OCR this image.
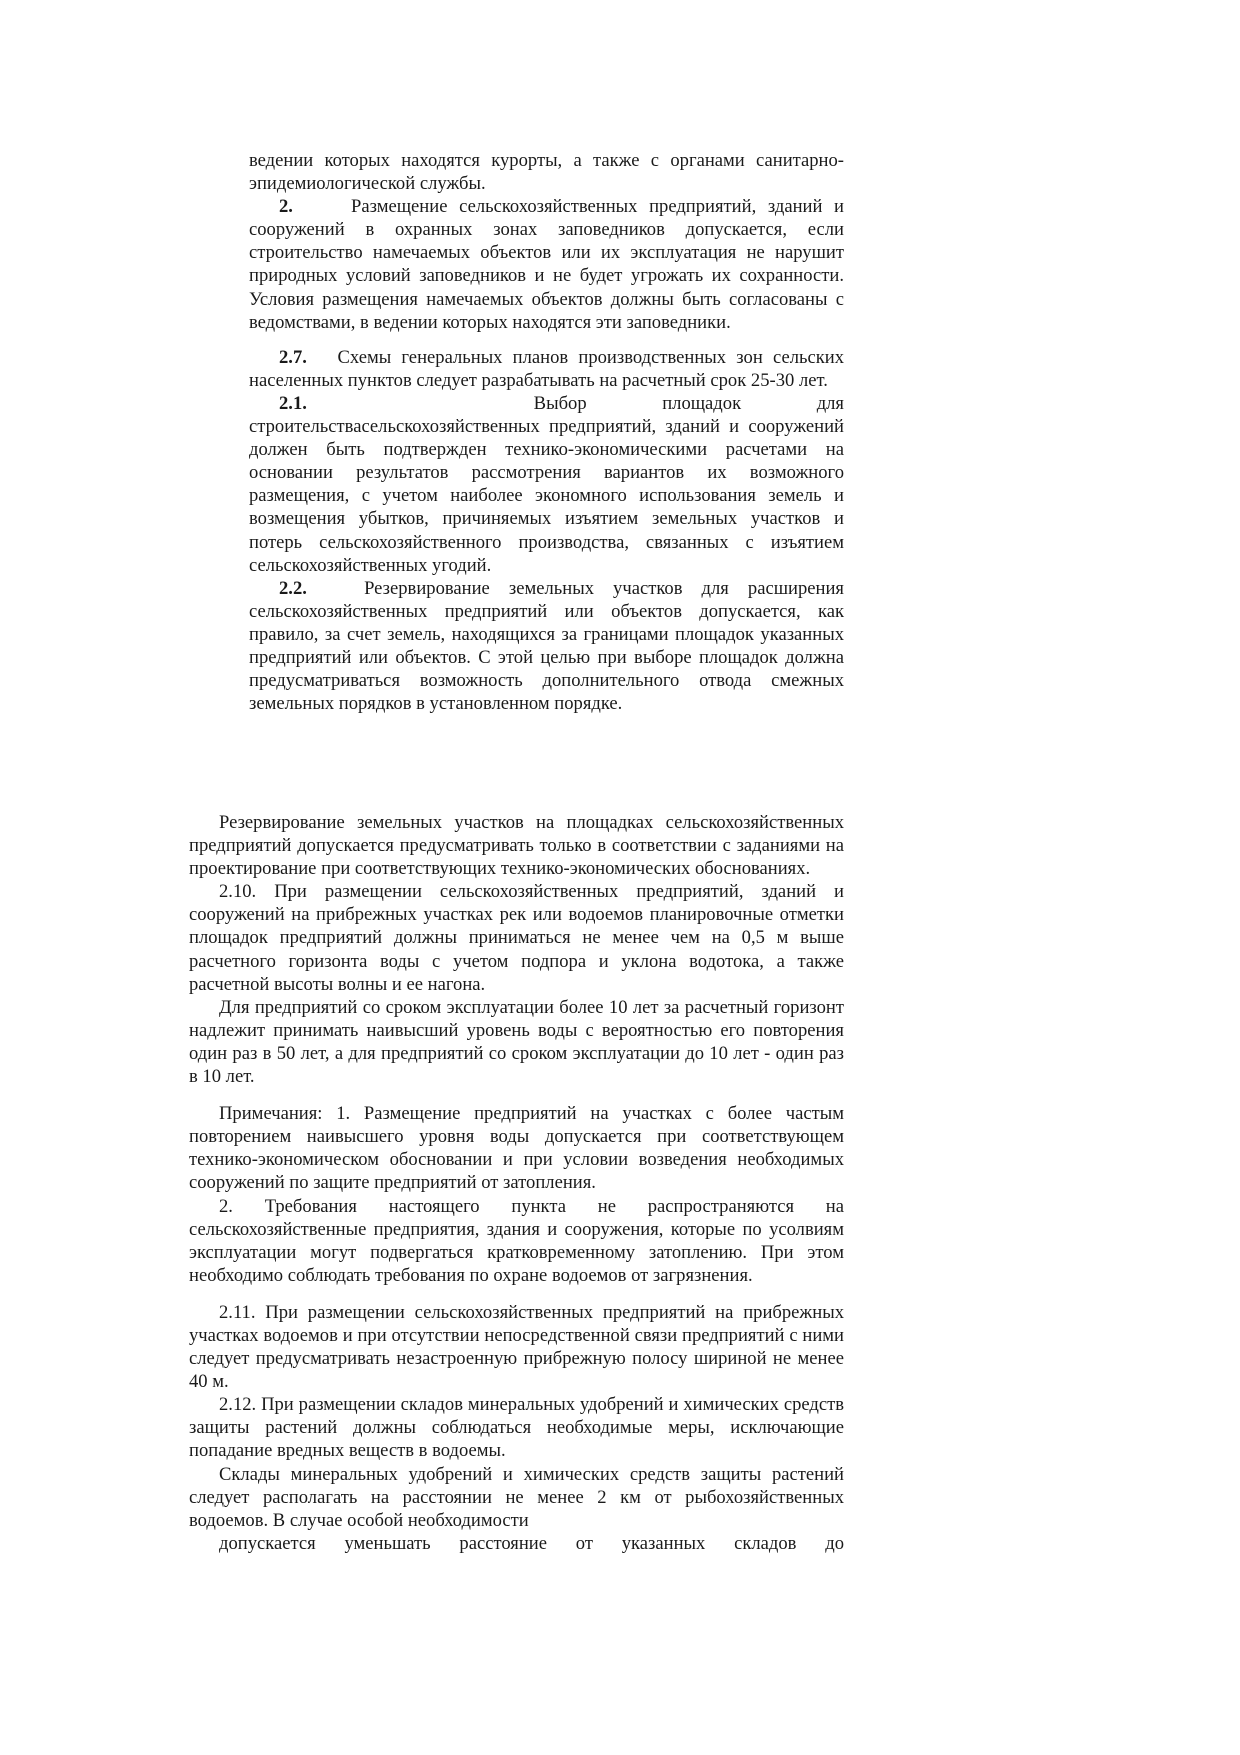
ведении которых находятся курорты, а также с органами санитарно-эпидемиологической службы.

2.	Размещение сельскохозяйственных предприятий, зданий и сооружений в охранных зонах заповедников допускается, если строительство намечаемых объектов или их эксплуатация не нарушит природных условий заповедников и не будет угрожать их сохранности. Условия размещения намечаемых объектов должны быть согласованы с ведомствами, в ведении которых находятся эти заповедники.

2.7. Схемы генеральных планов производственных зон сельских населенных пунктов следует разрабатывать на расчетный срок 25-30 лет.

2.1.	Выбор площадок для
строительствасельскохозяйственных предприятий, зданий и сооружений должен быть подтвержден технико-экономическими расчетами на основании результатов рассмотрения вариантов их возможного размещения, с учетом наиболее экономного использования земель и возмещения убытков, причиняемых изъятием земельных участков и потерь сельскохозяйственного производства, связанных с изъятием сельскохозяйственных угодий.

2.2.	Резервирование земельных участков для расширения сельскохозяйственных предприятий или объектов допускается, как правило, за счет земель, находящихся за границами площадок указанных предприятий или объектов. С этой целью при выборе площадок должна предусматриваться возможность дополнительного отвода смежных земельных порядков в установленном порядке.

Резервирование земельных участков на площадках сельскохозяйственных предприятий допускается предусматривать только в соответствии с заданиями на проектирование при соответствующих технико-экономических обоснованиях.

2.10. При размещении сельскохозяйственных предприятий, зданий и сооружений на прибрежных участках рек или водоемов планировочные отметки площадок предприятий должны приниматься не менее чем на 0,5 м выше расчетного горизонта воды с учетом подпора и уклона водотока, а также расчетной высоты волны и ее нагона.

Для предприятий со сроком эксплуатации более 10 лет за расчетный горизонт надлежит принимать наивысший уровень воды с вероятностью его повторения один раз в 50 лет, а для предприятий со сроком эксплуатации до 10 лет - один раз в 10 лет.

Примечания: 1. Размещение предприятий на участках с более частым повторением наивысшего уровня воды допускается при соответствующем технико-экономическом обосновании и при условии возведения необходимых сооружений по защите предприятий от затопления.

2. Требования настоящего пункта не распространяются на сельскохозяйственные предприятия, здания и сооружения, которые по усолвиям эксплуатации могут подвергаться кратковременному затоплению. При этом необходимо соблюдать требования по охране водоемов от загрязнения.

2.11. При размещении сельскохозяйственных предприятий на прибрежных участках водоемов и при отсутствии непосредственной связи предприятий с ними следует предусматривать незастроенную прибрежную полосу шириной не менее 40 м.

2.12. При размещении складов минеральных удобрений и химических средств защиты растений должны соблюдаться необходимые меры, исключающие попадание вредных веществ в водоемы.

Склады минеральных удобрений и химических средств защиты растений следует располагать на расстоянии не менее 2 км от рыбохозяйственных водоемов. В случае особой необходимости
допускается уменьшать расстояние от указанных складов до
